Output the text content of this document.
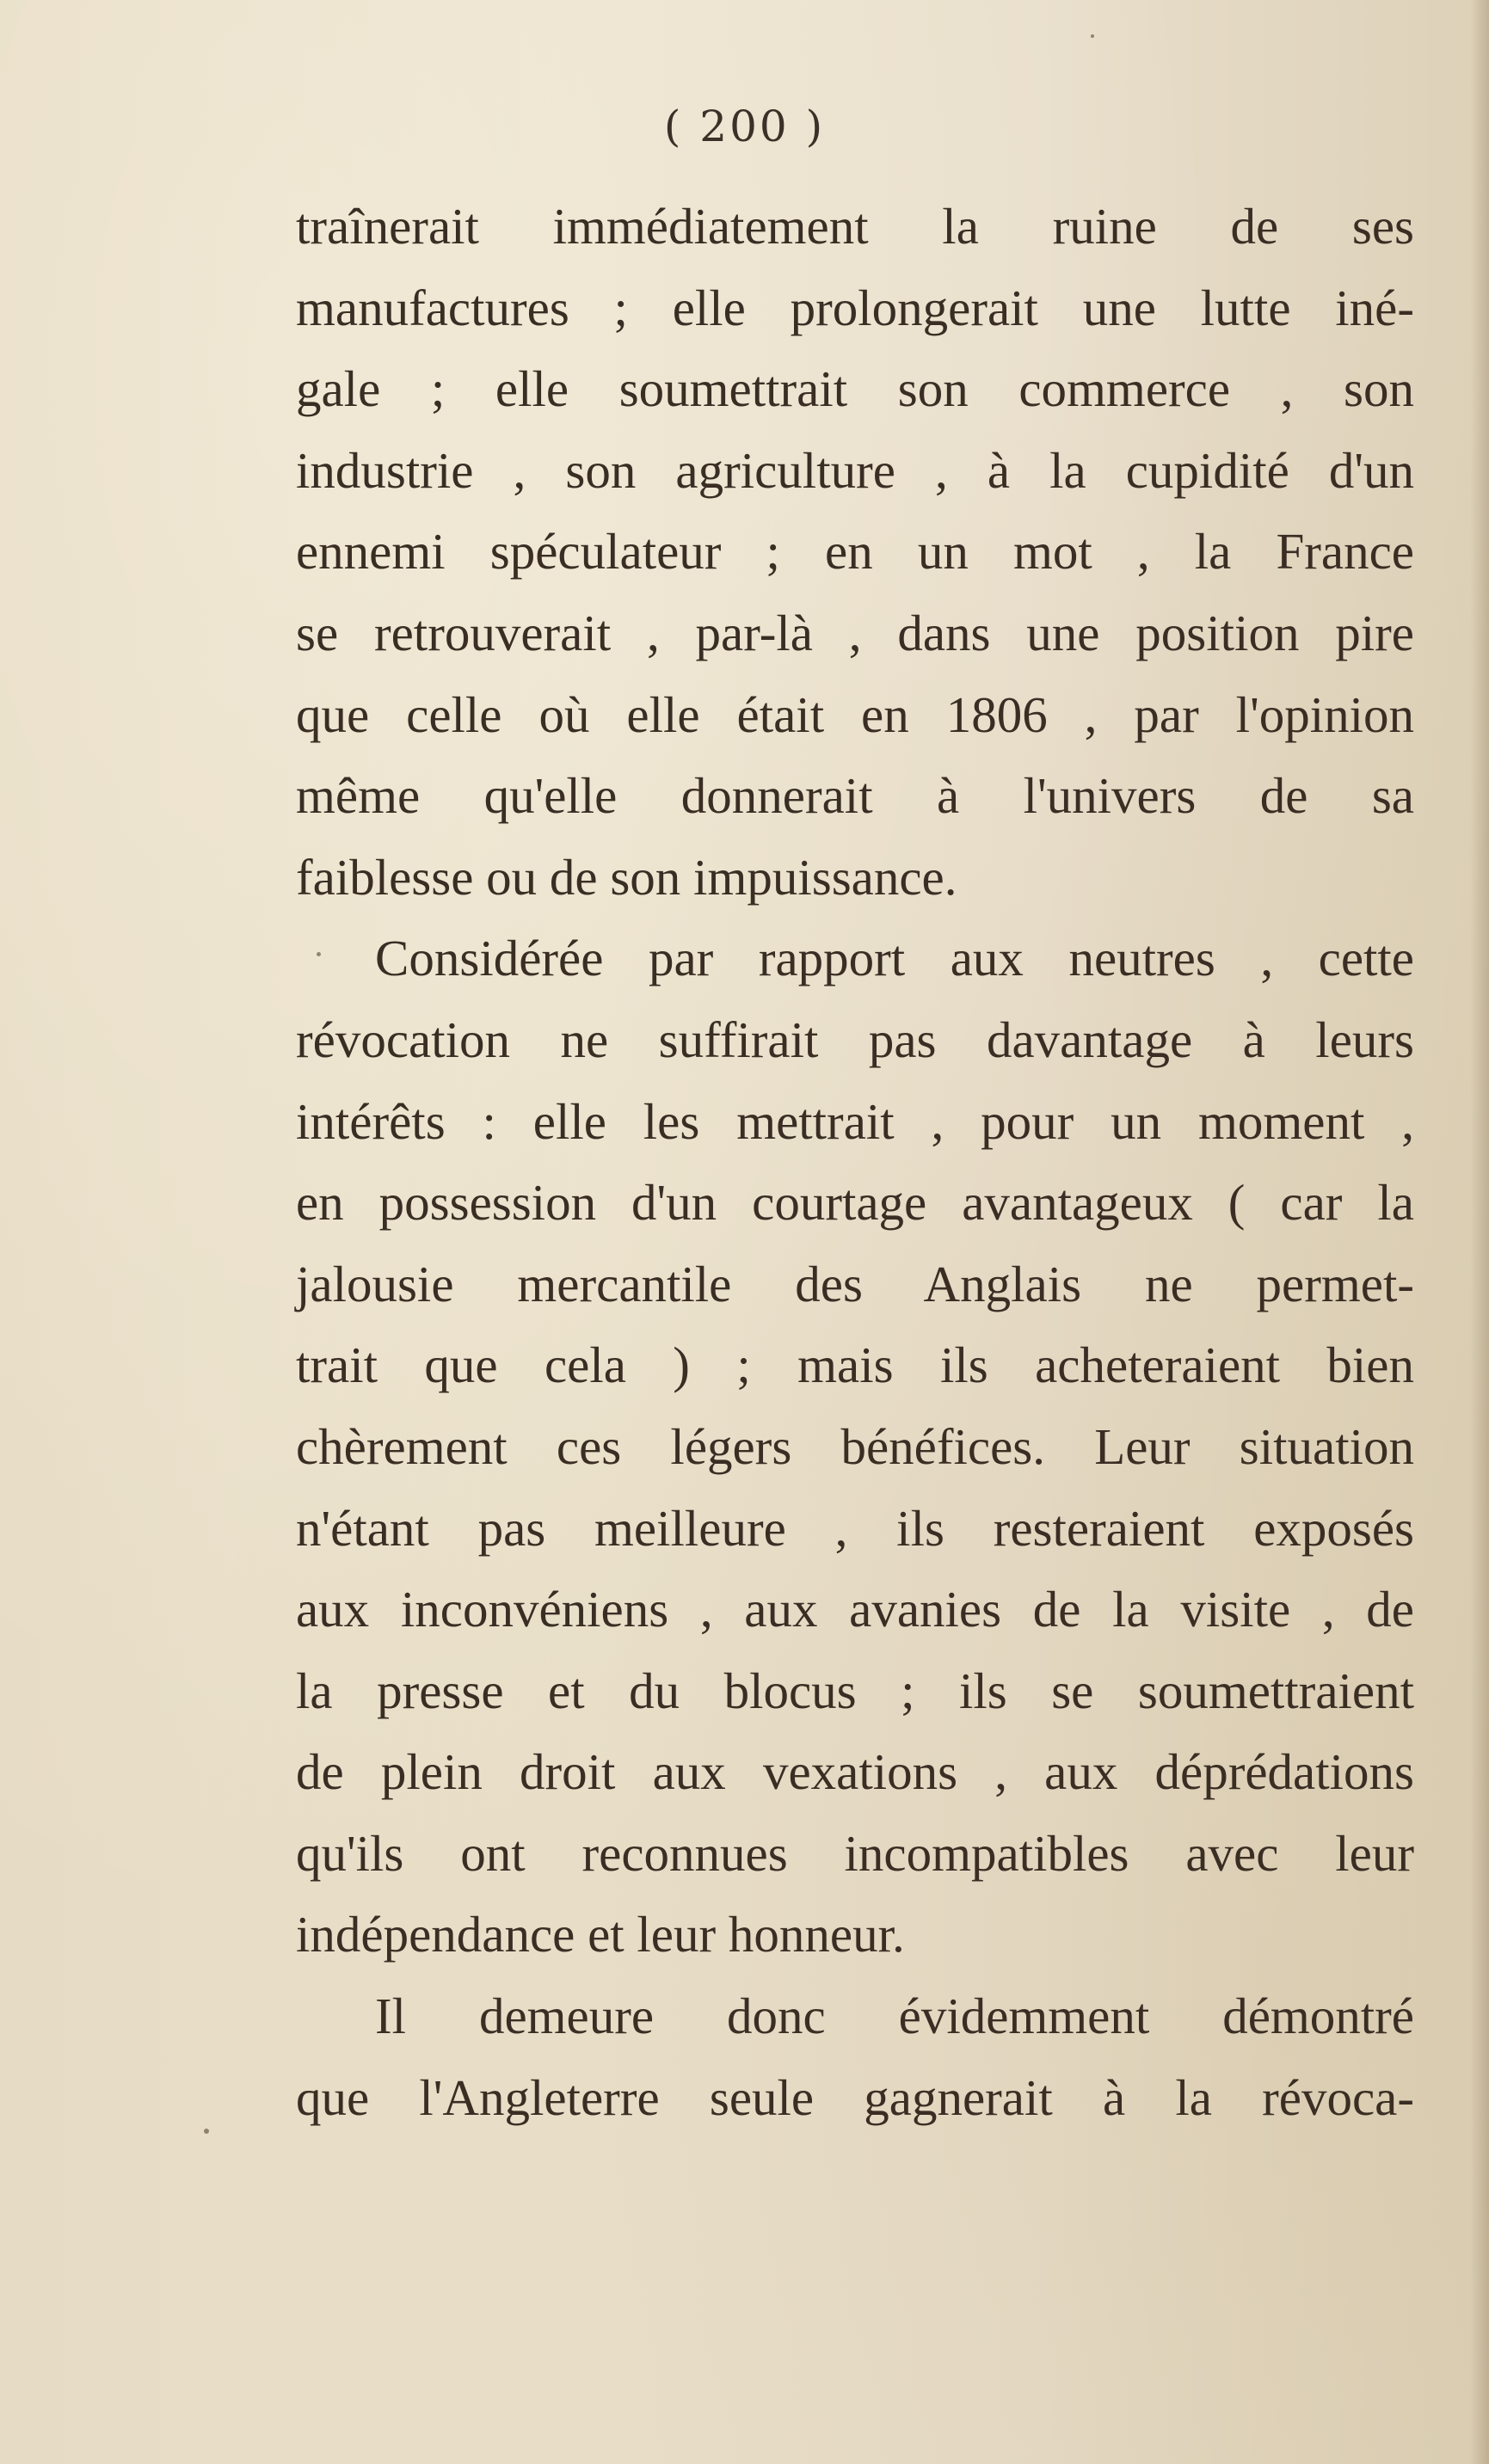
( 200 )
traînerait immédiatement la ruine de ses
manufactures ; elle prolongerait une lutte iné-
gale ; elle soumettrait son commerce , son
industrie , son agriculture , à la cupidité d'un
ennemi spéculateur ; en un mot , la France
se retrouverait , par-là , dans une position pire
que celle où elle était en 1806 , par l'opinion
même qu'elle donnerait à l'univers de sa
faiblesse ou de son impuissance.
Considérée par rapport aux neutres , cette
révocation ne suffirait pas davantage à leurs
intérêts : elle les mettrait , pour un moment ,
en possession d'un courtage avantageux ( car la
jalousie mercantile des Anglais ne permet-
trait que cela ) ; mais ils acheteraient bien
chèrement ces légers bénéfices. Leur situation
n'étant pas meilleure , ils resteraient exposés
aux inconvéniens , aux avanies de la visite , de
la presse et du blocus ; ils se soumettraient
de plein droit aux vexations , aux déprédations
qu'ils ont reconnues incompatibles avec leur
indépendance et leur honneur.
Il demeure donc évidemment démontré
que l'Angleterre seule gagnerait à la révoca-
